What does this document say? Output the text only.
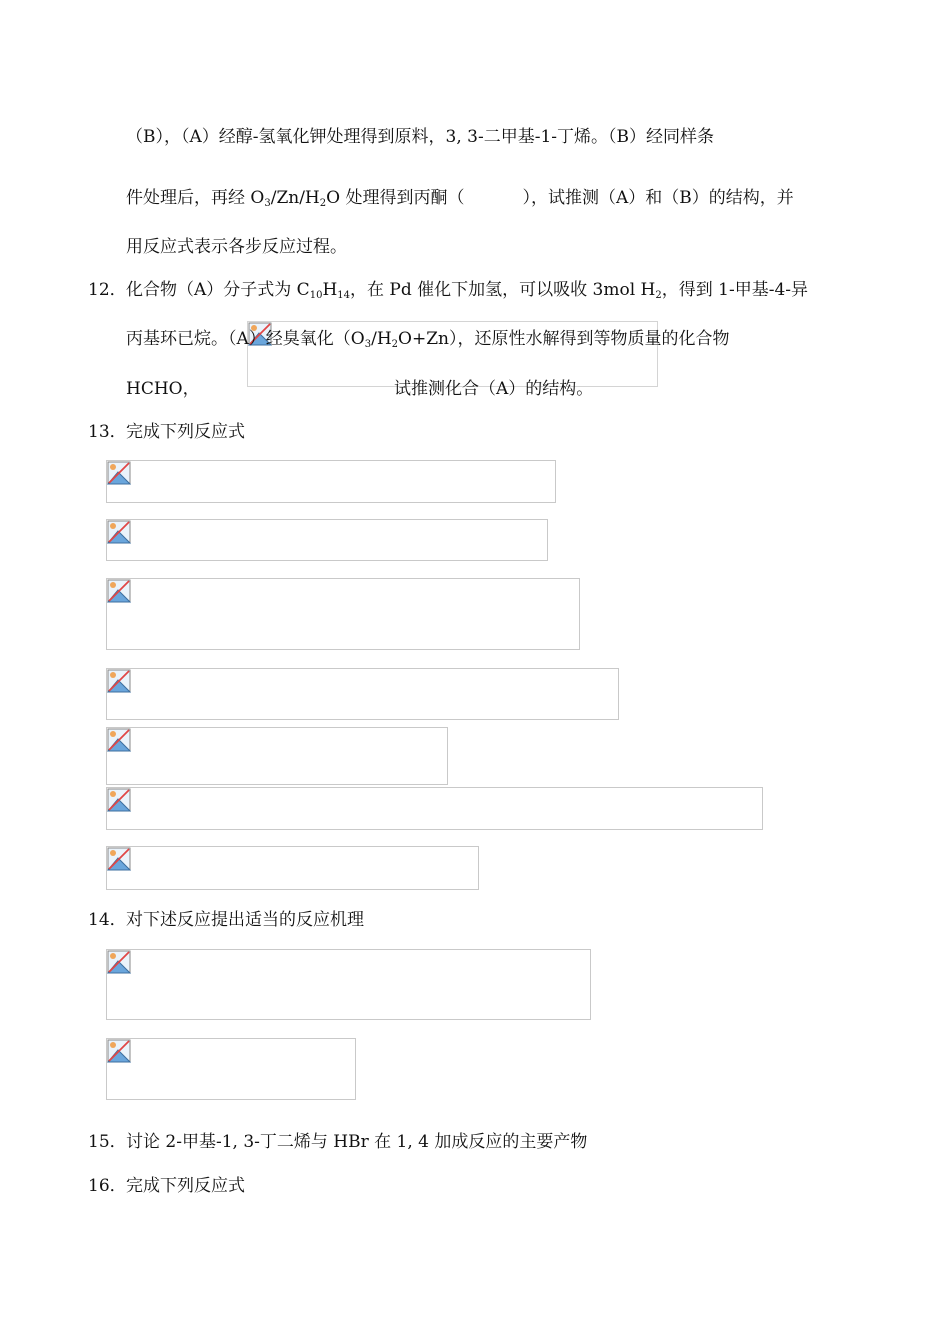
（B），（A）经醇-氢氧化钾处理得到原料，3, 3-二甲基-1-丁烯。（B）经同样条
件处理后，再经 $O_3/Zn/H_2O$ 处理得到丙酮（	），试推测（A）和（B）的结构，并
用反应式表示各步反应过程。
12． 化合物（A）分子式为 $C_{10}H_{14}$，在 Pd 催化下加氢，可以吸收 3mol $H_2$，得到 1-甲基-4-异
丙基环已烷。（A）经臭氧化$(O_3/H_2O+Zn)$，还原性水解得到等物质量的化合物
HCHO，	试推测化合（A）的结构。
13． 完成下列反应式
14． 对下述反应提出适当的反应机理
15． 讨论 2-甲基-1, 3-丁二烯与 HBr 在 1, 4 加成反应的主要产物
16． 完成下列反应式
